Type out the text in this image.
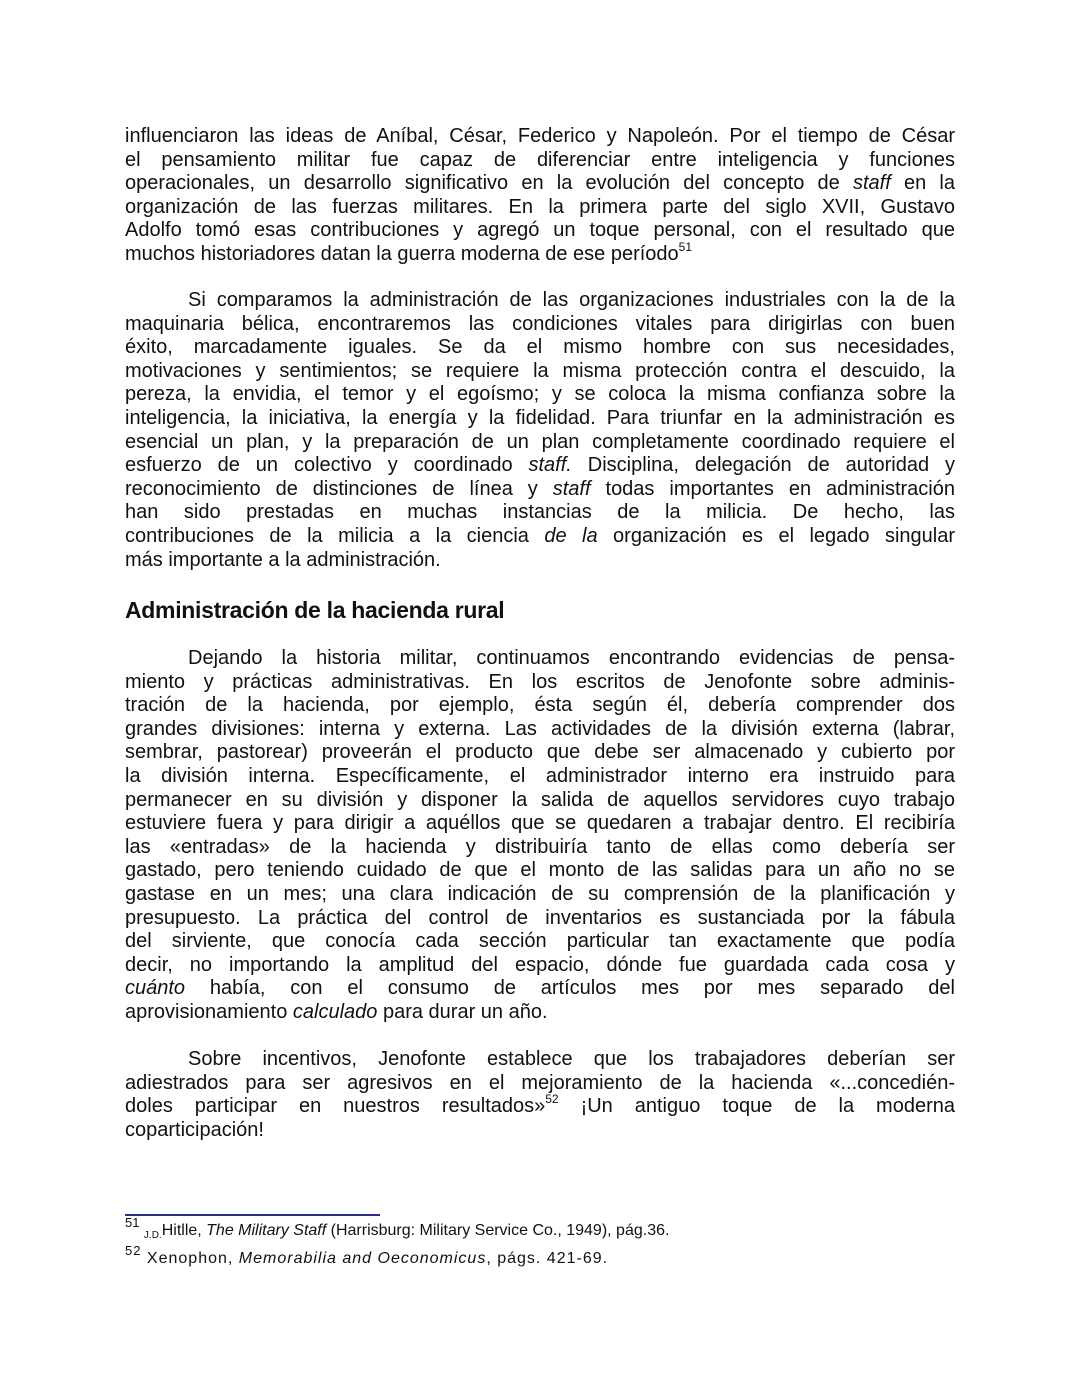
influenciaron las ideas de Aníbal, César, Federico y Napoleón. Por el tiempo de César
el pensamiento militar fue capaz de diferenciar entre inteligencia y funciones
operacionales, un desarrollo significativo en la evolución del concepto de staff en la
organización de las fuerzas militares. En la primera parte del siglo XVII, Gustavo
Adolfo tomó esas contribuciones y agregó un toque personal, con el resultado que
muchos historiadores datan la guerra moderna de ese período$^{51}$
Si comparamos la administración de las organizaciones industriales con la de la
maquinaria bélica, encontraremos las condiciones vitales para dirigirlas con buen
éxito, marcadamente iguales. Se da el mismo hombre con sus necesidades,
motivaciones y sentimientos; se requiere la misma protección contra el descuido, la
pereza, la envidia, el temor y el egoísmo; y se coloca la misma confianza sobre la
inteligencia, la iniciativa, la energía y la fidelidad. Para triunfar en la administración es
esencial un plan, y la preparación de un plan completamente coordinado requiere el
esfuerzo de un colectivo y coordinado staff. Disciplina, delegación de autoridad y
reconocimiento de distinciones de línea y staff todas importantes en administración
han sido prestadas en muchas instancias de la milicia. De hecho, las
contribuciones de la milicia a la ciencia de la organización es el legado singular
más importante a la administración.
Administración de la hacienda rural
Dejando la historia militar, continuamos encontrando evidencias de pensa-
miento y prácticas administrativas. En los escritos de Jenofonte sobre adminis-
tración de la hacienda, por ejemplo, ésta según él, debería comprender dos
grandes divisiones: interna y externa. Las actividades de la división externa (labrar,
sembrar, pastorear) proveerán el producto que debe ser almacenado y cubierto por
la división interna. Específicamente, el administrador interno era instruido para
permanecer en su división y disponer la salida de aquellos servidores cuyo trabajo
estuviere fuera y para dirigir a aquéllos que se quedaren a trabajar dentro. El recibiría
las «entradas» de la hacienda y distribuiría tanto de ellas como debería ser
gastado, pero teniendo cuidado de que el monto de las salidas para un año no se
gastase en un mes; una clara indicación de su comprensión de la planificación y
presupuesto. La práctica del control de inventarios es sustanciada por la fábula
del sirviente, que conocía cada sección particular tan exactamente que podía
decir, no importando la amplitud del espacio, dónde fue guardada cada cosa y
cuánto había, con el consumo de artículos mes por mes separado del
aprovisionamiento calculado para durar un año.
Sobre incentivos, Jenofonte establece que los trabajadores deberían ser
adiestrados para ser agresivos en el mejoramiento de la hacienda «...concedién-
doles participar en nuestros resultados»$^{52}$ ¡Un antiguo toque de la moderna
coparticipación!
$^{51}$ J.D.Hitlle, The Military Staff (Harrisburg: Military Service Co., 1949), pág.36.
$^{52}$ Xenophon, Memorabilia and Oeconomicus, págs. 421-69.
